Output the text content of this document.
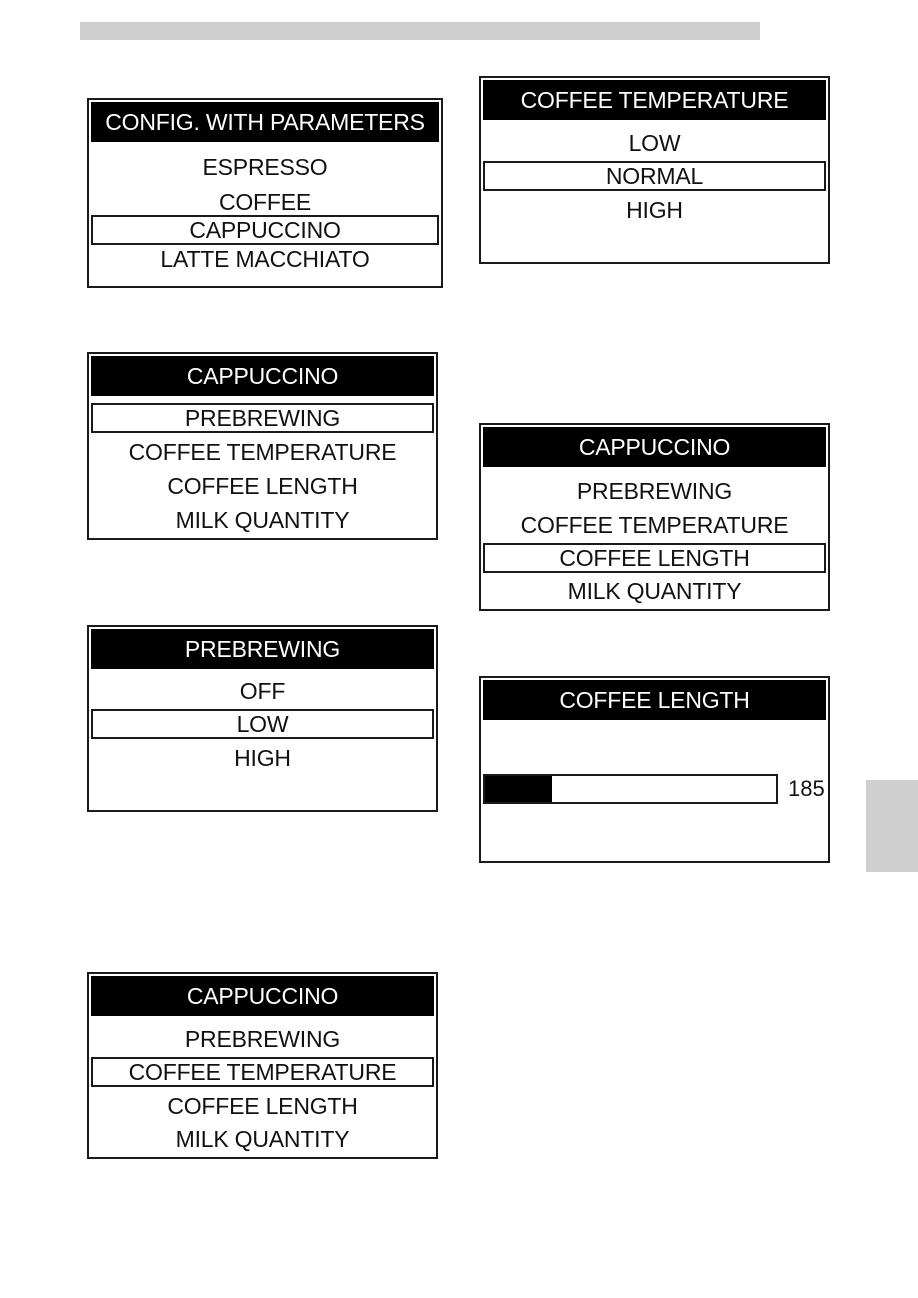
CONFIG. WITH PARAMETERS
ESPRESSO
COFFEE
CAPPUCCINO
LATTE MACCHIATO
COFFEE TEMPERATURE
LOW
NORMAL
HIGH
CAPPUCCINO
PREBREWING
COFFEE TEMPERATURE
COFFEE LENGTH
MILK QUANTITY
CAPPUCCINO
PREBREWING
COFFEE TEMPERATURE
COFFEE LENGTH
MILK QUANTITY
PREBREWING
OFF
LOW
HIGH
COFFEE LENGTH
185
CAPPUCCINO
PREBREWING
COFFEE TEMPERATURE
COFFEE LENGTH
MILK QUANTITY
